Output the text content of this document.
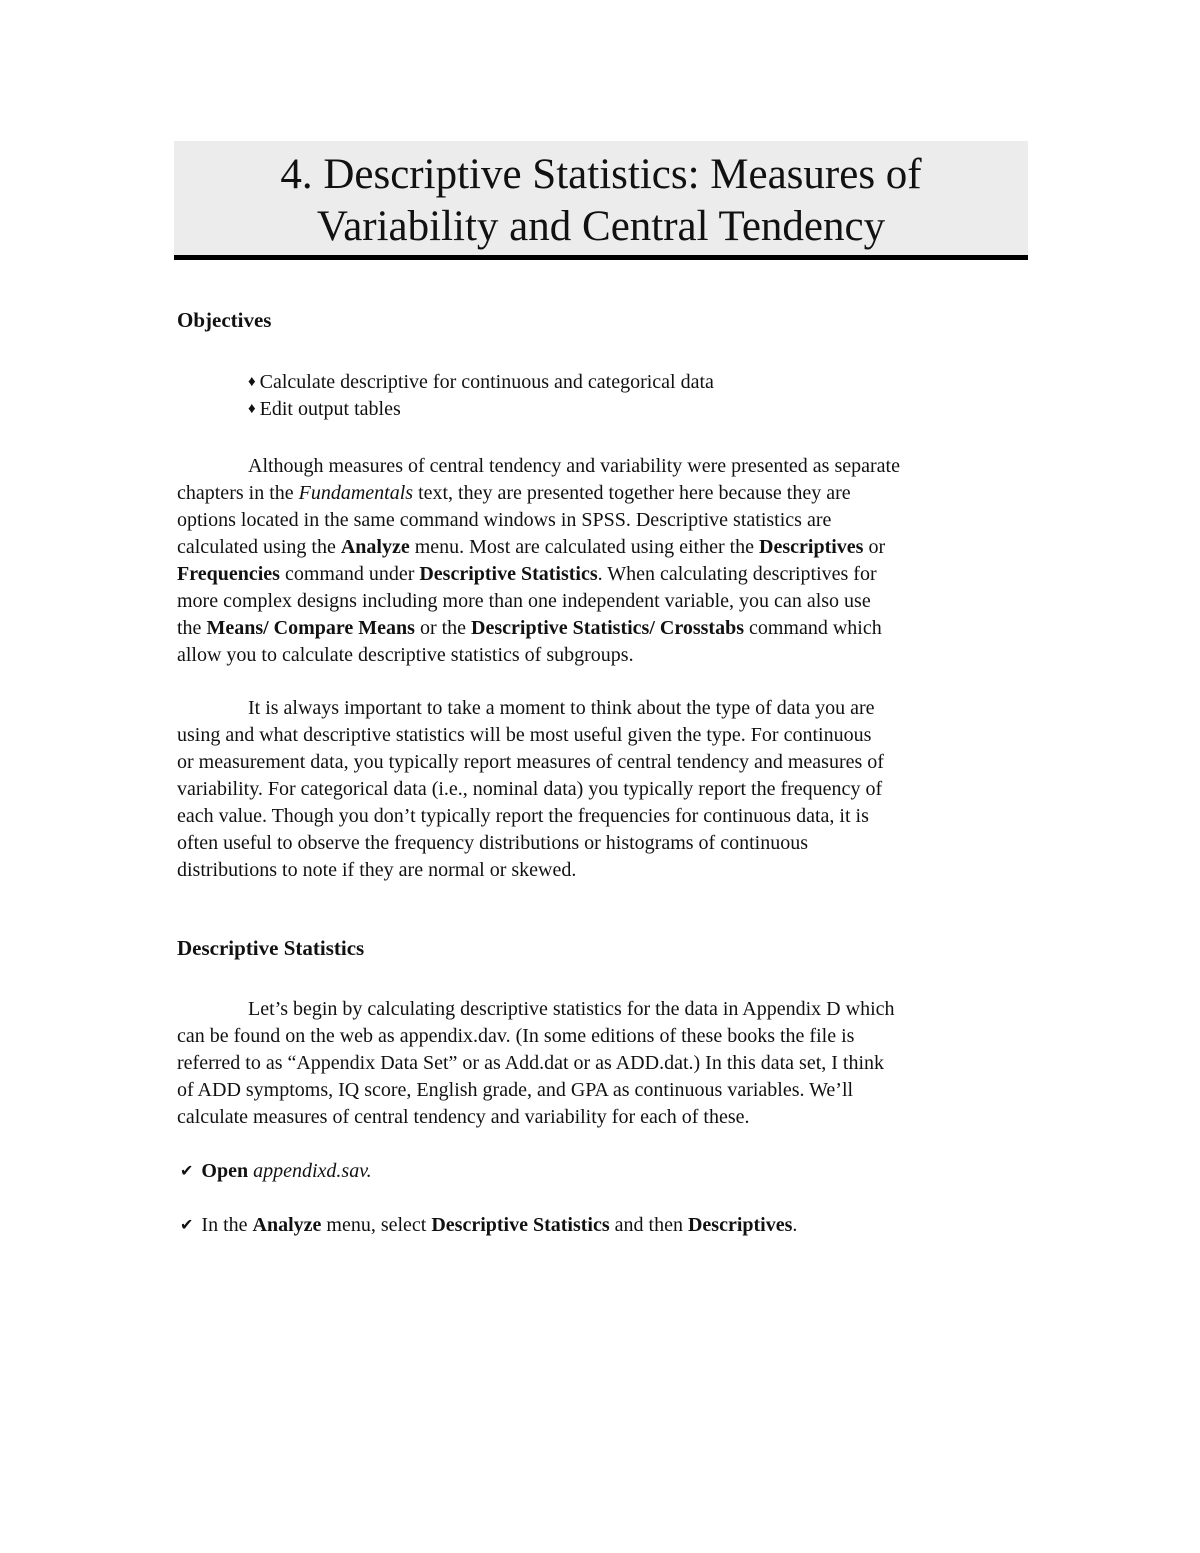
4. Descriptive Statistics: Measures of
Variability and Central Tendency
Objectives
♦ Calculate descriptive for continuous and categorical data
♦ Edit output tables
Although measures of central tendency and variability were presented as separate
chapters in the Fundamentals text, they are presented together here because they are
options located in the same command windows in SPSS. Descriptive statistics are
calculated using the Analyze menu. Most are calculated using either the Descriptives or
Frequencies command under Descriptive Statistics. When calculating descriptives for
more complex designs including more than one independent variable, you can also use
the Means/ Compare Means or the Descriptive Statistics/ Crosstabs command which
allow you to calculate descriptive statistics of subgroups.
It is always important to take a moment to think about the type of data you are
using and what descriptive statistics will be most useful given the type. For continuous
or measurement data, you typically report measures of central tendency and measures of
variability. For categorical data (i.e., nominal data) you typically report the frequency of
each value. Though you don’t typically report the frequencies for continuous data, it is
often useful to observe the frequency distributions or histograms of continuous
distributions to note if they are normal or skewed.
Descriptive Statistics
Let’s begin by calculating descriptive statistics for the data in Appendix D which
can be found on the web as appendix.dav. (In some editions of these books the file is
referred to as “Appendix Data Set” or as Add.dat or as ADD.dat.) In this data set, I think
of ADD symptoms, IQ score, English grade, and GPA as continuous variables. We’ll
calculate measures of central tendency and variability for each of these.
✔ Open appendixd.sav.
✔ In the Analyze menu, select Descriptive Statistics and then Descriptives.
